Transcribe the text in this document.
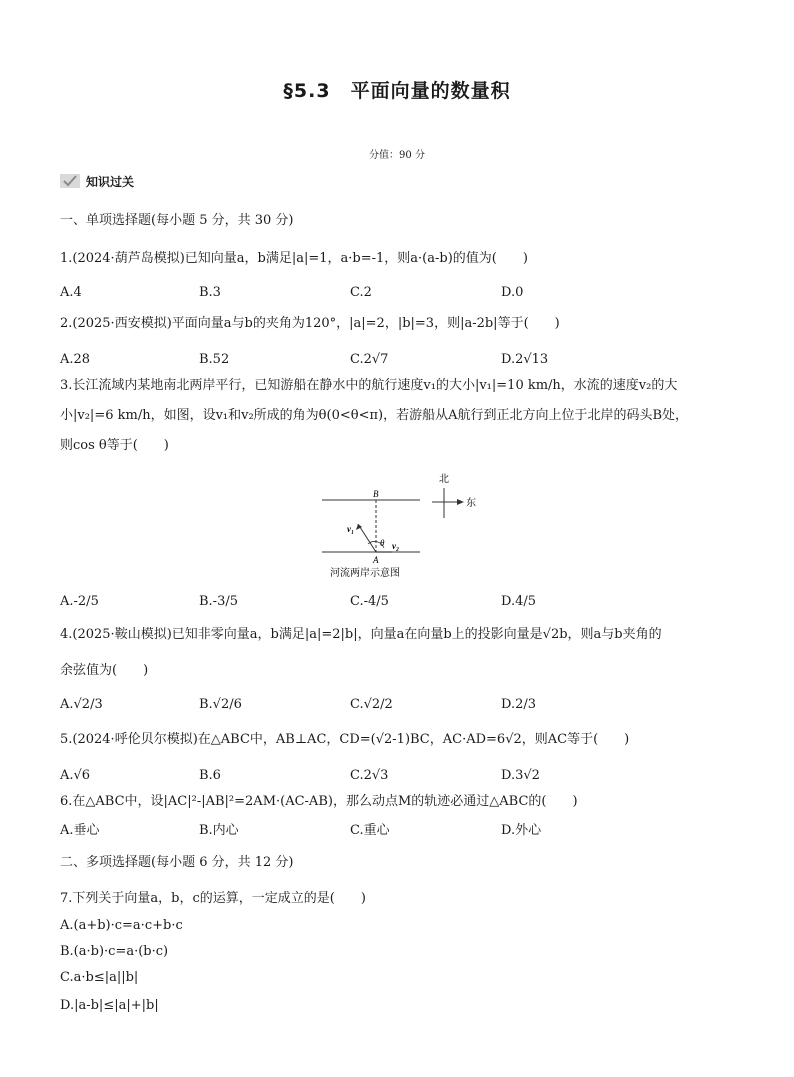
§5.3　平面向量的数量积
分值：90 分
知识过关
一、单项选择题(每小题 5 分，共 30 分)
1.(2024·葫芦岛模拟)已知向量a，b满足|a|=1，a·b=-1，则a·(a-b)的值为(　　)
A.4	B.3	C.2	D.0
2.(2025·西安模拟)平面向量a与b的夹角为120°，|a|=2，|b|=3，则|a-2b|等于(　　)
A.28	B.52	C.2√7	D.2√13
3.长江流域内某地南北两岸平行，已知游船在静水中的航行速度v₁的大小|v₁|=10 km/h，水流的速度v₂的大
小|v₂|=6 km/h，如图，设v₁和v₂所成的角为θ(0<θ<π)，若游船从A航行到正北方向上位于北岸的码头B处，
则cos θ等于(　　)
B
A
v₁
v₂
θ
北
东
河流两岸示意图
A.-2/5	B.-3/5	C.-4/5	D.4/5
4.(2025·鞍山模拟)已知非零向量a，b满足|a|=2|b|，向量a在向量b上的投影向量是√2b，则a与b夹角的
余弦值为(　　)
A.√2/3	B.√2/6	C.√2/2	D.2/3
5.(2024·呼伦贝尔模拟)在△ABC中，AB⊥AC，CD=(√2-1)BC，AC·AD=6√2，则AC等于(　　)
A.√6	B.6	C.2√3	D.3√2
6.在△ABC中，设|AC|²-|AB|²=2AM·(AC-AB)，那么动点M的轨迹必通过△ABC的(　　)
A.垂心	B.内心	C.重心	D.外心
二、多项选择题(每小题 6 分，共 12 分)
7.下列关于向量a，b，c的运算，一定成立的是(　　)
A.(a+b)·c=a·c+b·c
B.(a·b)·c=a·(b·c)
C.a·b≤|a||b|
D.|a-b|≤|a|+|b|
